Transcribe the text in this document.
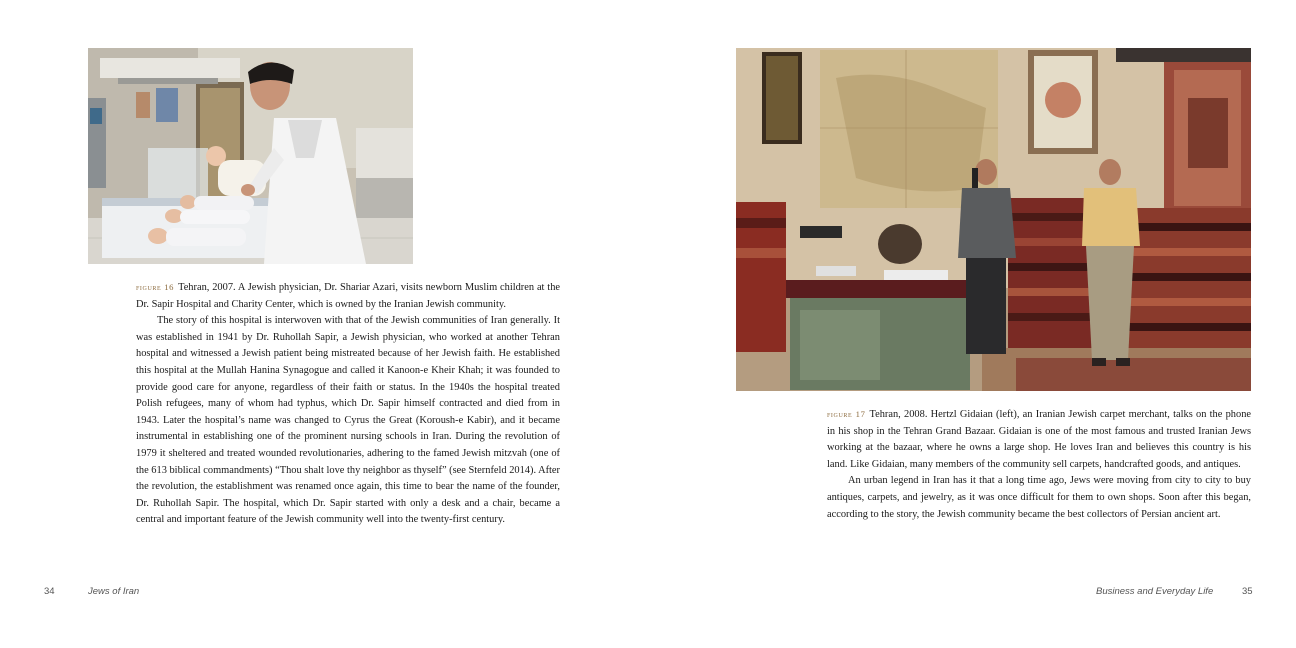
figure 16 Tehran, 2007. A Jewish physician, Dr. Shariar Azari, visits newborn Muslim children at the Dr. Sapir Hospital and Charity Center, which is owned by the Iranian Jewish community.

The story of this hospital is interwoven with that of the Jewish communities of Iran generally. It was established in 1941 by Dr. Ruhollah Sapir, a Jewish physician, who worked at another Tehran hospital and witnessed a Jewish patient being mistreated because of her Jewish faith. He established this hospital at the Mullah Hanina Synagogue and called it Kanoon-e Kheir Khah; it was founded to provide good care for anyone, regardless of their faith or status. In the 1940s the hospital treated Polish refugees, many of whom had typhus, which Dr. Sapir himself contracted and died from in 1943. Later the hospital’s name was changed to Cyrus the Great (Koroush-e Kabir), and it became instrumental in establishing one of the prominent nursing schools in Iran. During the revolution of 1979 it sheltered and treated wounded revolutionaries, adhering to the famed Jewish mitzvah (one of the 613 biblical commandments) “Thou shalt love thy neighbor as thyself” (see Sternfeld 2014). After the revolution, the establishment was renamed once again, this time to bear the name of the founder, Dr. Ruhollah Sapir. The hospital, which Dr. Sapir started with only a desk and a chair, became a central and important feature of the Jewish community well into the twenty-first century.

34	Jews of Iran

figure 17 Tehran, 2008. Hertzl Gidaian (left), an Iranian Jewish carpet merchant, talks on the phone in his shop in the Tehran Grand Bazaar. Gidaian is one of the most famous and trusted Iranian Jews working at the bazaar, where he owns a large shop. He loves Iran and believes this country is his land. Like Gidaian, many members of the community sell carpets, handcrafted goods, and antiques.

An urban legend in Iran has it that a long time ago, Jews were moving from city to city to buy antiques, carpets, and jewelry, as it was once difficult for them to own shops. Soon after this began, according to the story, the Jewish community became the best collectors of Persian ancient art.

Business and Everyday Life	35
